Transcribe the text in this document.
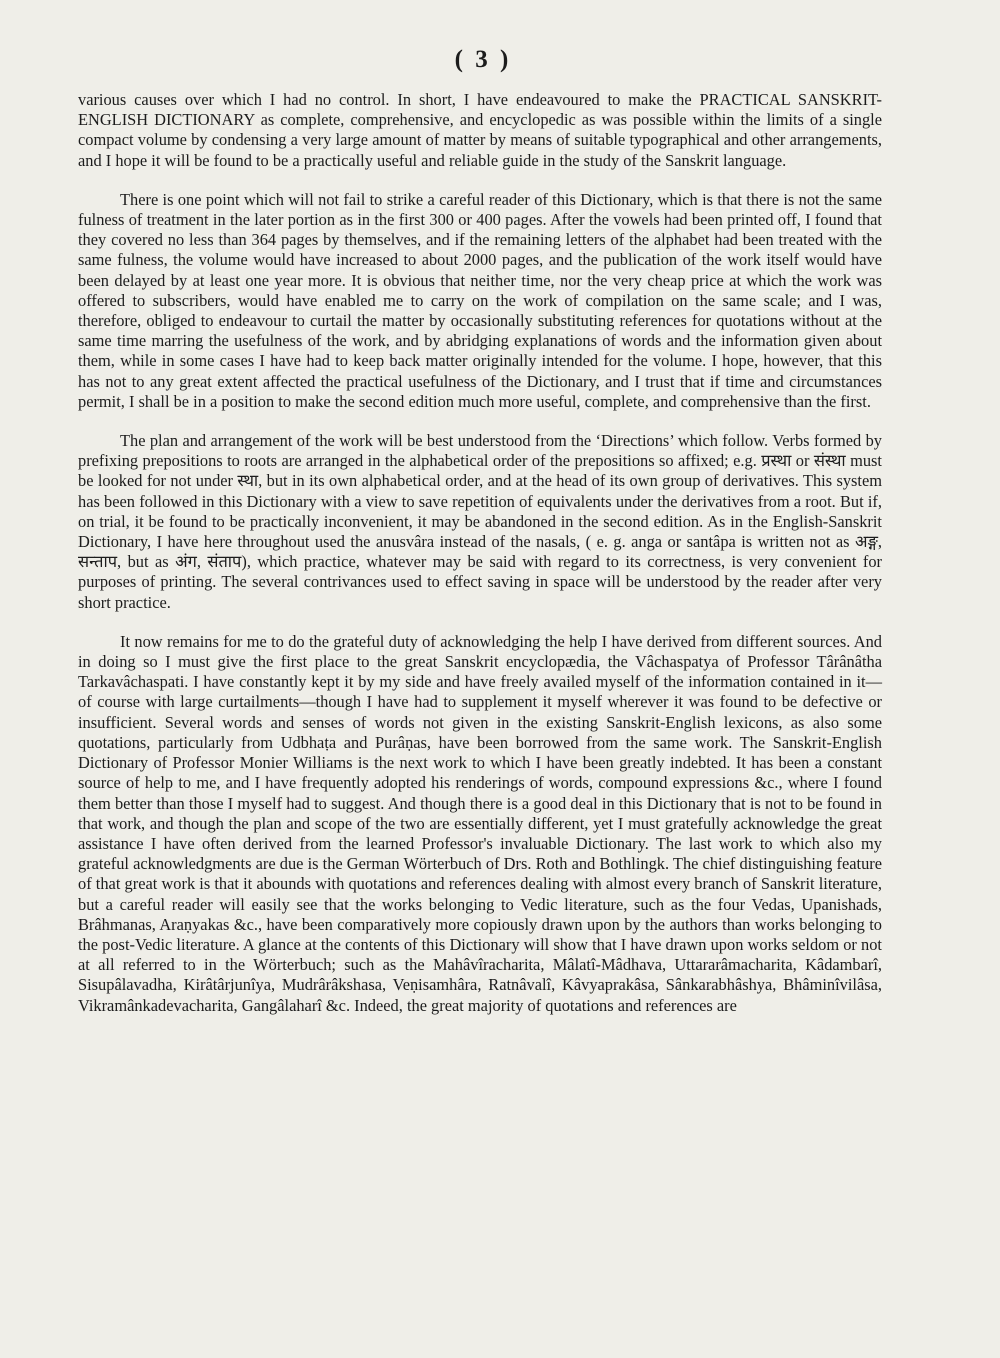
( 3 )

various causes over which I had no control. In short, I have endeavoured to make the PRACTICAL SANSKRIT-ENGLISH DICTIONARY as complete, comprehensive, and encyclopedic as was possible within the limits of a single compact volume by condensing a very large amount of matter by means of suitable typographical and other arrangements, and I hope it will be found to be a practically useful and reliable guide in the study of the Sanskrit language.

There is one point which will not fail to strike a careful reader of this Dictionary, which is that there is not the same fulness of treatment in the later portion as in the first 300 or 400 pages. After the vowels had been printed off, I found that they covered no less than 364 pages by themselves, and if the remaining letters of the alphabet had been treated with the same fulness, the volume would have increased to about 2000 pages, and the publication of the work itself would have been delayed by at least one year more. It is obvious that neither time, nor the very cheap price at which the work was offered to subscribers, would have enabled me to carry on the work of compilation on the same scale; and I was, therefore, obliged to endeavour to curtail the matter by occasionally substituting references for quotations without at the same time marring the usefulness of the work, and by abridging explanations of words and the information given about them, while in some cases I have had to keep back matter originally intended for the volume. I hope, however, that this has not to any great extent affected the practical usefulness of the Dictionary, and I trust that if time and circumstances permit, I shall be in a position to make the second edition much more useful, complete, and comprehensive than the first.

The plan and arrangement of the work will be best understood from the ‘Directions’ which follow. Verbs formed by prefixing prepositions to roots are arranged in the alphabetical order of the prepositions so affixed; e.g. प्रस्था or संस्था must be looked for not under स्था, but in its own alphabetical order, and at the head of its own group of derivatives. This system has been followed in this Dictionary with a view to save repetition of equivalents under the derivatives from a root. But if, on trial, it be found to be practically inconvenient, it may be abandoned in the second edition. As in the English-Sanskrit Dictionary, I have here throughout used the anusvâra instead of the nasals, ( e. g. anga or santâpa is written not as अङ्ग, सन्ताप, but as अंग, संताप), which practice, whatever may be said with regard to its correctness, is very convenient for purposes of printing. The several contrivances used to effect saving in space will be understood by the reader after very short practice.

It now remains for me to do the grateful duty of acknowledging the help I have derived from different sources. And in doing so I must give the first place to the great Sanskrit encyclopædia, the Vâchaspatya of Professor Târânâtha Tarkavâchaspati. I have constantly kept it by my side and have freely availed myself of the information contained in it—of course with large curtailments—though I have had to supplement it myself wherever it was found to be defective or insufficient. Several words and senses of words not given in the existing Sanskrit-English lexicons, as also some quotations, particularly from Udbhaṭa and Purâṇas, have been borrowed from the same work. The Sanskrit-English Dictionary of Professor Monier Williams is the next work to which I have been greatly indebted. It has been a constant source of help to me, and I have frequently adopted his renderings of words, compound expressions &c., where I found them better than those I myself had to suggest. And though there is a good deal in this Dictionary that is not to be found in that work, and though the plan and scope of the two are essentially different, yet I must gratefully acknowledge the great assistance I have often derived from the learned Professor's invaluable Dictionary. The last work to which also my grateful acknowledgments are due is the German Wörterbuch of Drs. Roth and Bothlingk. The chief distinguishing feature of that great work is that it abounds with quotations and references dealing with almost every branch of Sanskrit literature, but a careful reader will easily see that the works belonging to Vedic literature, such as the four Vedas, Upanishads, Brâhmanas, Araṇyakas &c., have been comparatively more copiously drawn upon by the authors than works belonging to the post-Vedic literature. A glance at the contents of this Dictionary will show that I have drawn upon works seldom or not at all referred to in the Wörterbuch; such as the Mahâvîracharita, Mâlatî-Mâdhava, Uttararâmacharita, Kâdambarî, Sisupâlavadha, Kirâtârjunîya, Mudrârâkshasa, Veṇisamhâra, Ratnâvalî, Kâvyaprakâsa, Sânkarabhâshya, Bhâminîvilâsa, Vikramânkadevacharita, Gangâlaharî &c. Indeed, the great majority of quotations and references are
